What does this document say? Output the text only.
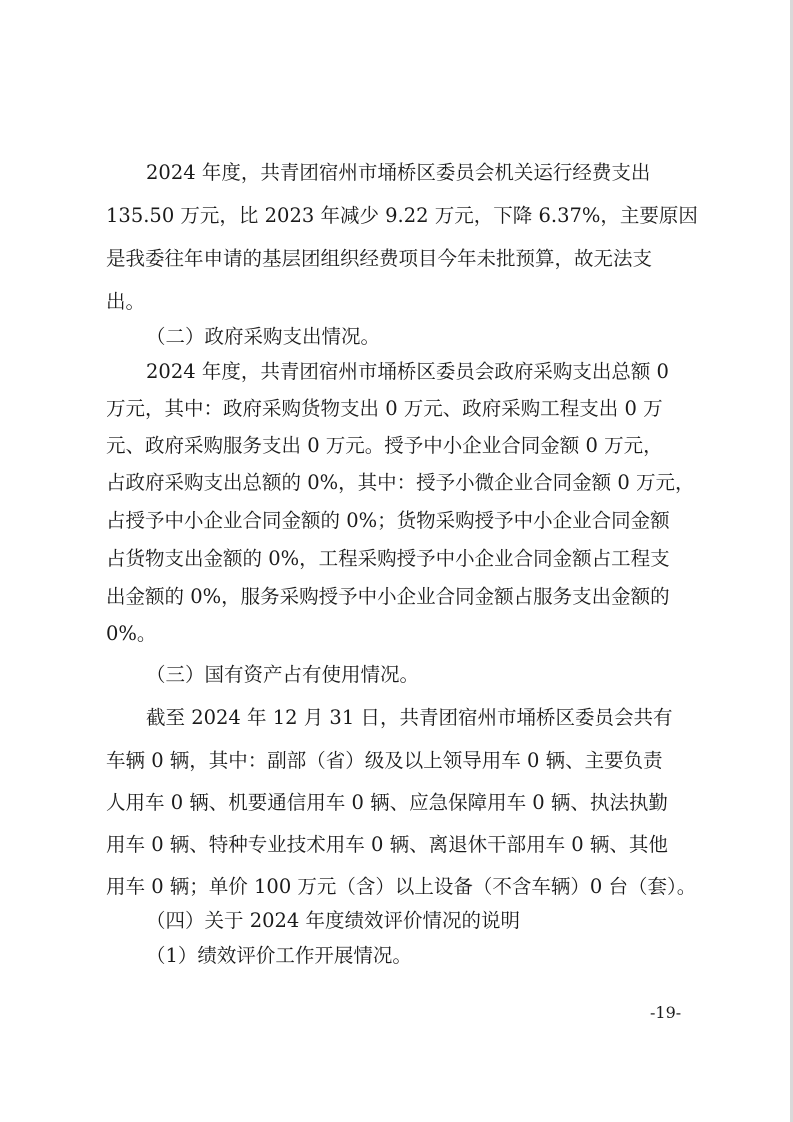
2024 年度，共青团宿州市埇桥区委员会机关运行经费支出
135.50 万元，比 2023 年减少 9.22 万元，下降 6.37%，主要原因
是我委往年申请的基层团组织经费项目今年未批预算，故无法支
出。
（二）政府采购支出情况。
2024 年度，共青团宿州市埇桥区委员会政府采购支出总额 0
万元，其中：政府采购货物支出 0 万元、政府采购工程支出 0 万
元、政府采购服务支出 0 万元。授予中小企业合同金额 0 万元，
占政府采购支出总额的 0%，其中：授予小微企业合同金额 0 万元，
占授予中小企业合同金额的 0%；货物采购授予中小企业合同金额
占货物支出金额的 0%，工程采购授予中小企业合同金额占工程支
出金额的 0%，服务采购授予中小企业合同金额占服务支出金额的
0%。
（三）国有资产占有使用情况。
截至 2024 年 12 月 31 日，共青团宿州市埇桥区委员会共有
车辆 0 辆，其中：副部（省）级及以上领导用车 0 辆、主要负责
人用车 0 辆、机要通信用车 0 辆、应急保障用车 0 辆、执法执勤
用车 0 辆、特种专业技术用车 0 辆、离退休干部用车 0 辆、其他
用车 0 辆；单价 100 万元（含）以上设备（不含车辆）0 台（套）。
（四）关于 2024 年度绩效评价情况的说明
（1）绩效评价工作开展情况。
-19-
